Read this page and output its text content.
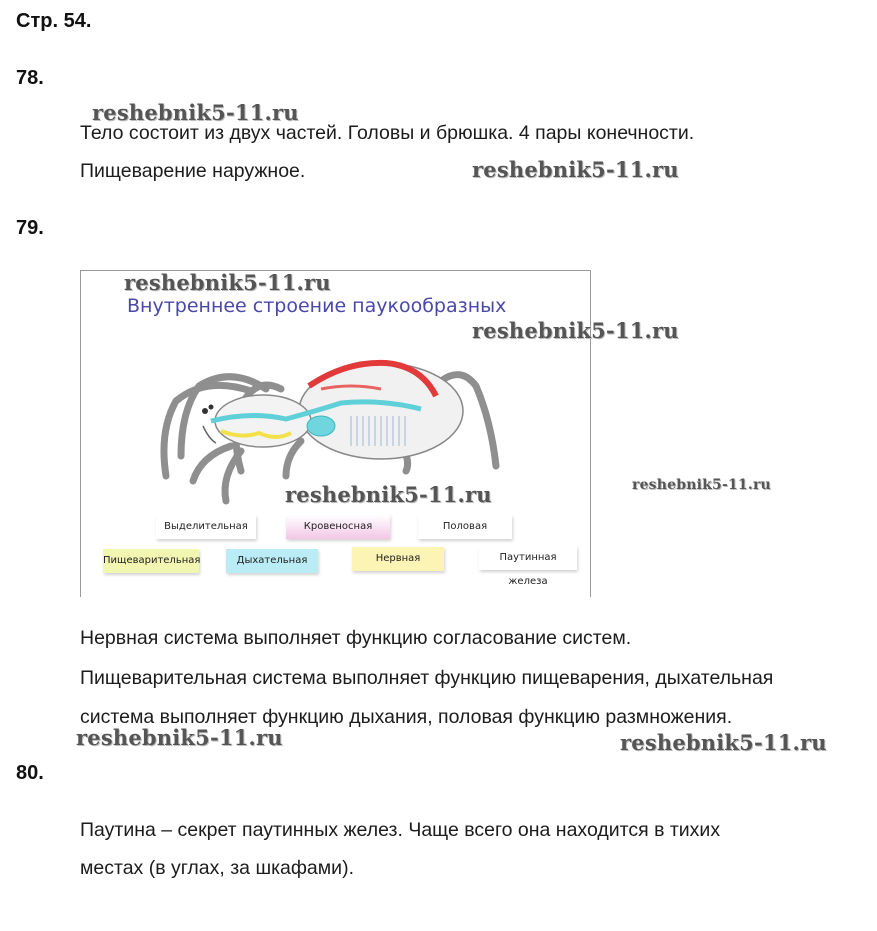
Стр. 54.
78.
reshebnik5-11.ru
Тело состоит из двух частей. Головы и брюшка. 4 пары конечности.
Пищеварение наружное.	reshebnik5-11.ru
79.
Внутреннее строение паукообразных
Выделительная	Кровеносная	Половая
Пищеварительная	Дыхательная	Нервная	Паутинная железа
reshebnik5-11.ru
reshebnik5-11.ru
reshebnik5-11.ru	reshebnik5-11.ru
Нервная система выполняет функцию согласование систем.
Пищеварительная система выполняет функцию пищеварения, дыхательная
система выполняет функцию дыхания, половая функцию размножения.
reshebnik5-11.ru	reshebnik5-11.ru
80.
Паутина – секрет паутинных желез. Чаще всего она находится в тихих
местах (в углах, за шкафами).
